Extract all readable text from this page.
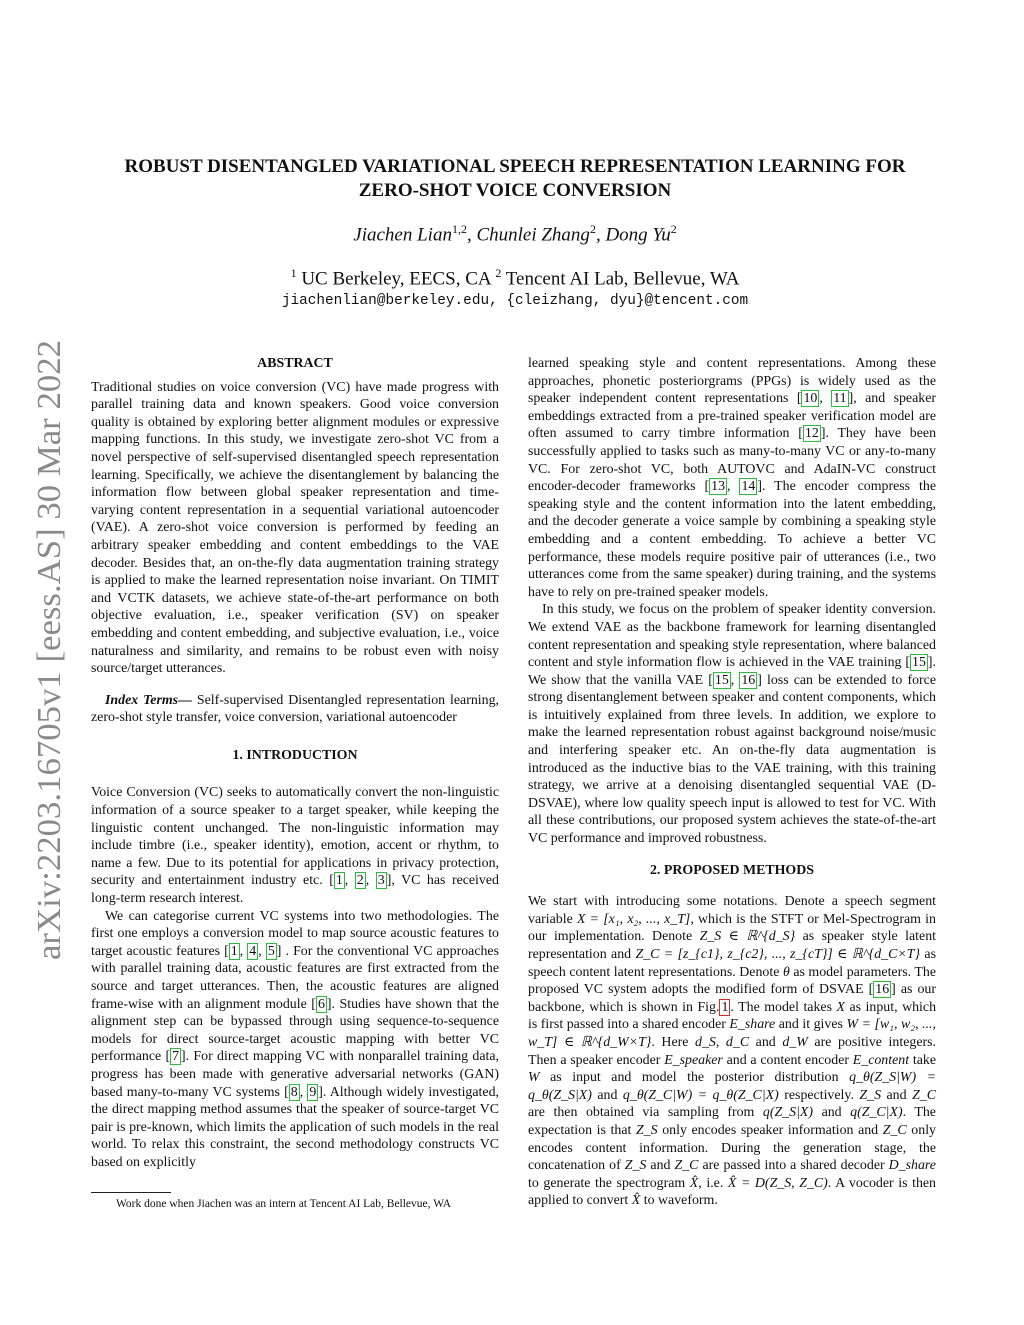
arXiv:2203.16705v1 [eess.AS] 30 Mar 2022
ROBUST DISENTANGLED VARIATIONAL SPEECH REPRESENTATION LEARNING FOR
ZERO-SHOT VOICE CONVERSION
Jiachen Lian$^{1,2}$, Chunlei Zhang$^2$, Dong Yu$^2$
$^1$ UC Berkeley, EECS, CA $^2$ Tencent AI Lab, Bellevue, WA
jiachenlian@berkeley.edu, {cleizhang, dyu}@tencent.com
ABSTRACT

Traditional studies on voice conversion (VC) have made progress with parallel training data and known speakers. Good voice conversion quality is obtained by exploring better alignment modules or expressive mapping functions. In this study, we investigate zero-shot VC from a novel perspective of self-supervised disentangled speech representation learning. Specifically, we achieve the disentanglement by balancing the information flow between global speaker representation and time-varying content representation in a sequential variational autoencoder (VAE). A zero-shot voice conversion is performed by feeding an arbitrary speaker embedding and content embeddings to the VAE decoder. Besides that, an on-the-fly data augmentation training strategy is applied to make the learned representation noise invariant. On TIMIT and VCTK datasets, we achieve state-of-the-art performance on both objective evaluation, i.e., speaker verification (SV) on speaker embedding and content embedding, and subjective evaluation, i.e., voice naturalness and similarity, and remains to be robust even with noisy source/target utterances.

Index Terms— Self-supervised Disentangled representation learning, zero-shot style transfer, voice conversion, variational autoencoder

1. INTRODUCTION

Voice Conversion (VC) seeks to automatically convert the non-linguistic information of a source speaker to a target speaker, while keeping the linguistic content unchanged. The non-linguistic information may include timbre (i.e., speaker identity), emotion, accent or rhythm, to name a few. Due to its potential for applications in privacy protection, security and entertainment industry etc. [ 1 , 2 , 3 ], VC has received long-term research interest.

We can categorise current VC systems into two methodologies. The first one employs a conversion model to map source acoustic features to target acoustic features [ 1 , 4 , 5 ] . For the conventional VC approaches with parallel training data, acoustic features are first extracted from the source and target utterances. Then, the acoustic features are aligned frame-wise with an alignment module [ 6 ]. Studies have shown that the alignment step can be bypassed through using sequence-to-sequence models for direct source-target acoustic mapping with better VC performance [ 7 ]. For direct mapping VC with nonparallel training data, progress has been made with generative adversarial networks (GAN) based many-to-many VC systems [ 8 , 9 ]. Although widely investigated, the direct mapping method assumes that the speaker of source-target VC pair is pre-known, which limits the application of such models in the real world. To relax this constraint, the second methodology constructs VC based on explicitly

learned speaking style and content representations. Among these approaches, phonetic posteriorgrams (PPGs) is widely used as the speaker independent content representations [ 10 , 11 ], and speaker embeddings extracted from a pre-trained speaker verification model are often assumed to carry timbre information [ 12 ]. They have been successfully applied to tasks such as many-to-many VC or any-to-many VC. For zero-shot VC, both AUTOVC and AdaIN-VC construct encoder-decoder frameworks [ 13 , 14 ]. The encoder compress the speaking style and the content information into the latent embedding, and the decoder generate a voice sample by combining a speaking style embedding and a content embedding. To achieve a better VC performance, these models require positive pair of utterances (i.e., two utterances come from the same speaker) during training, and the systems have to rely on pre-trained speaker models.

In this study, we focus on the problem of speaker identity conversion. We extend VAE as the backbone framework for learning disentangled content representation and speaking style representation, where balanced content and style information flow is achieved in the VAE training [ 15 ]. We show that the vanilla VAE [ 15 , 16 ] loss can be extended to force strong disentanglement between speaker and content components, which is intuitively explained from three levels. In addition, we explore to make the learned representation robust against background noise/music and interfering speaker etc. An on-the-fly data augmentation is introduced as the inductive bias to the VAE training, with this training strategy, we arrive at a denoising disentangled sequential VAE (D-DSVAE), where low quality speech input is allowed to test for VC. With all these contributions, our proposed system achieves the state-of-the-art VC performance and improved robustness.

2. PROPOSED METHODS

We start with introducing some notations. Denote a speech segment variable X = [x₁, x₂, ..., x_T], which is the STFT or Mel-Spectrogram in our implementation. Denote Z_S ∈ ℝ^{d_S} as speaker style latent representation and Z_C = [z_{c1}, z_{c2}, ..., z_{cT}] ∈ ℝ^{d_C×T} as speech content latent representations. Denote θ as model parameters. The proposed VC system adopts the modified form of DSVAE [ 16 ] as our backbone, which is shown in Fig. 1 . The model takes X as input, which is first passed into a shared encoder E_share and it gives W = [w₁, w₂, ..., w_T] ∈ ℝ^{d_W×T}. Here d_S, d_C and d_W are positive integers. Then a speaker encoder E_speaker and a content encoder E_content take W as input and model the posterior distribution q_θ(Z_S|W) = q_θ(Z_S|X) and q_θ(Z_C|W) = q_θ(Z_C|X) respectively. Z_S and Z_C are then obtained via sampling from q(Z_S|X) and q(Z_C|X). The expectation is that Z_S only encodes speaker information and Z_C only encodes content information. During the generation stage, the concatenation of Z_S and Z_C are passed into a shared decoder D_share to generate the spectrogram X̂, i.e. X̂ = D(Z_S, Z_C). A vocoder is then applied to convert X̂ to waveform.

Work done when Jiachen was an intern at Tencent AI Lab, Bellevue, WA
